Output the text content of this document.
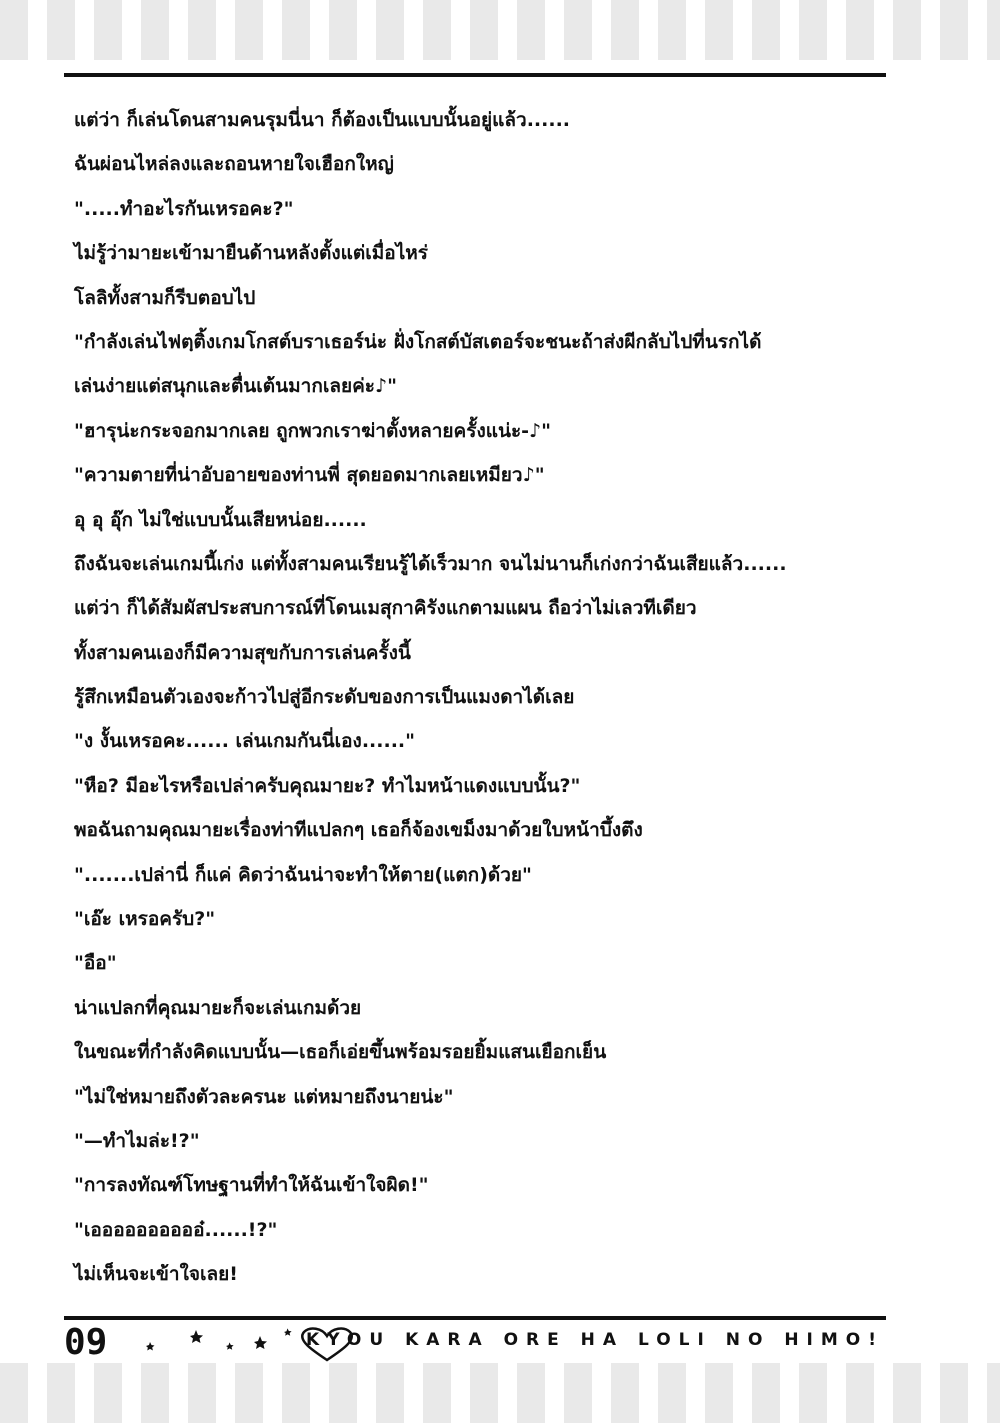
แต่ว่า ก็เล่นโดนสามคนรุมนี่นา ก็ต้องเป็นแบบนั้นอยู่แล้ว......
ฉันผ่อนไหล่ลงและถอนหายใจเฮือกใหญ่
".....ทำอะไรกันเหรอคะ?"
ไม่รู้ว่ามายะเข้ามายืนด้านหลังตั้งแต่เมื่อไหร่
โลลิทั้งสามก็รีบตอบไป
"กำลังเล่นไฟตฺติ้งเกมโกสต์บราเธอร์น่ะ ฝั่งโกสต์บัสเตอร์จะชนะถ้าส่งผีกลับไปที่นรกได้
เล่นง่ายแต่สนุกและตื่นเต้นมากเลยค่ะ♪"
"ฮารุน่ะกระจอกมากเลย ถูกพวกเราฆ่าตั้งหลายครั้งแน่ะ-♪"
"ความตายที่น่าอับอายของท่านพี่ สุดยอดมากเลยเหมียว♪"
อุ อุ อุ๊ก ไม่ใช่แบบนั้นเสียหน่อย......
ถึงฉันจะเล่นเกมนี้เก่ง แต่ทั้งสามคนเรียนรู้ได้เร็วมาก จนไม่นานก็เก่งกว่าฉันเสียแล้ว......
แต่ว่า ก็ได้สัมผัสประสบการณ์ที่โดนเมสุกาคิรังแกตามแผน ถือว่าไม่เลวทีเดียว
ทั้งสามคนเองก็มีความสุขกับการเล่นครั้งนี้
รู้สึกเหมือนตัวเองจะก้าวไปสู่อีกระดับของการเป็นแมงดาได้เลย
"ง งั้นเหรอคะ...... เล่นเกมกันนี่เอง......"
"หือ? มีอะไรหรือเปล่าครับคุณมายะ? ทำไมหน้าแดงแบบนั้น?"
พอฉันถามคุณมายะเรื่องท่าทีแปลกๆ เธอก็จ้องเขม็งมาด้วยใบหน้าบึ้งตึง
".......เปล่านี่ ก็แค่ คิดว่าฉันน่าจะทำให้ตาย(แตก)ด้วย"
"เอ๊ะ เหรอครับ?"
"อือ"
น่าแปลกที่คุณมายะก็จะเล่นเกมด้วย
ในขณะที่กำลังคิดแบบนั้น—เธอก็เอ่ยขึ้นพร้อมรอยยิ้มแสนเยือกเย็น
"ไม่ใช่หมายถึงตัวละครนะ แต่หมายถึงนายน่ะ"
"—ทำไมล่ะ!?"
"การลงทัณฑ์โทษฐานที่ทำให้ฉันเข้าใจผิด!"
"เออออออออออ๋......!?"
ไม่เห็นจะเข้าใจเลย!
09	KYOU KARA ORE HA LOLI NO HIMO!
